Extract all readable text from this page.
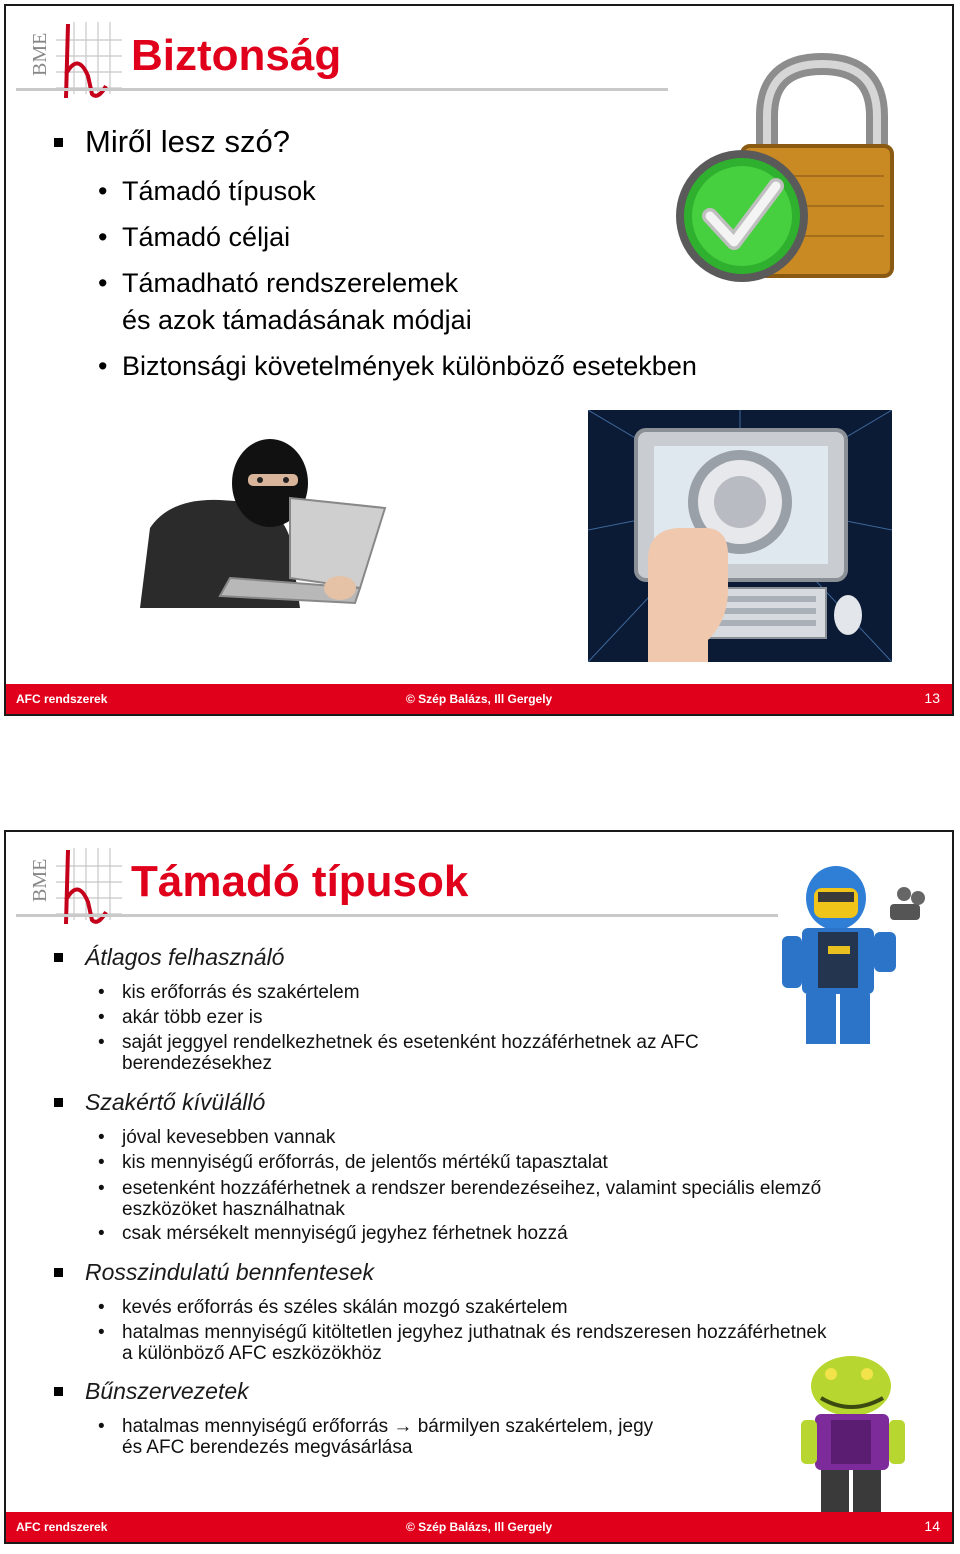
BME Biztonság
Miről lesz szó?
• Támadó típusok
• Támadó céljai
• Támadható rendszerelemek
és azok támadásának módjai
• Biztonsági követelmények különböző esetekben
AFC rendszerek	© Szép Balázs, Ill Gergely	13
BME Támadó típusok
Átlagos felhasználó
• kis erőforrás és szakértelem
• akár több ezer is
• saját jeggyel rendelkezhetnek és esetenként hozzáférhetnek az AFC
berendezésekhez
Szakértő kívülálló
• jóval kevesebben vannak
• kis mennyiségű erőforrás, de jelentős mértékű tapasztalat
• esetenként hozzáférhetnek a rendszer berendezéseihez, valamint speciális elemző
eszközöket használhatnak
• csak mérsékelt mennyiségű jegyhez férhetnek hozzá
Rosszindulatú bennfentesek
• kevés erőforrás és széles skálán mozgó szakértelem
• hatalmas mennyiségű kitöltetlen jegyhez juthatnak és rendszeresen hozzáférhetnek
a különböző AFC eszközökhöz
Bűnszervezetek
• hatalmas mennyiségű erőforrás → bármilyen szakértelem, jegy
és AFC berendezés megvásárlása
AFC rendszerek	© Szép Balázs, Ill Gergely	14
